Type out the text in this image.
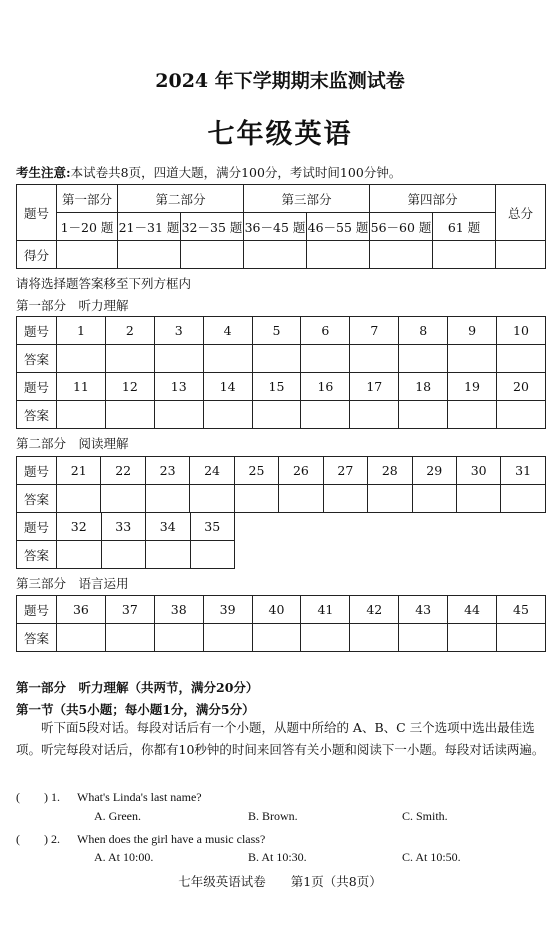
2024 年下学期期末监测试卷
七年级英语
考生注意:本试卷共8页，四道大题，满分100分，考试时间100分钟。
题号	第一部分	第二部分		第三部分		第四部分		总分
	1－20 题	21－31 题	32－35 题	36－45 题	46－55 题	56－60 题	61 题	
得分								
请将选择题答案移至下列方框内
第一部分　听力理解
题号	1	2	3	4	5	6	7	8	9	10
答案										
题号	11	12	13	14	15	16	17	18	19	20
答案										
第二部分　阅读理解
题号	21	22	23	24	25	26	27	28	29	30	31
答案											
题号	32	33	34	35
答案				
第三部分　语言运用
题号	36	37	38	39	40	41	42	43	44	45
答案										
第一部分　听力理解（共两节，满分20分）
第一节（共5小题；每小题1分，满分5分）
听下面5段对话。每段对话后有一个小题，从题中所给的 A、B、C 三个选项中选出最佳选项。听完每段对话后，你都有10秒钟的时间来回答有关小题和阅读下一小题。每段对话读两遍。
(　　) 1. What's Linda's last name?
A. Green.	B. Brown.	C. Smith.
(　　) 2. When does the girl have a music class?
A. At 10:00.	B. At 10:30.	C. At 10:50.
七年级英语试卷　　第1页（共8页）
